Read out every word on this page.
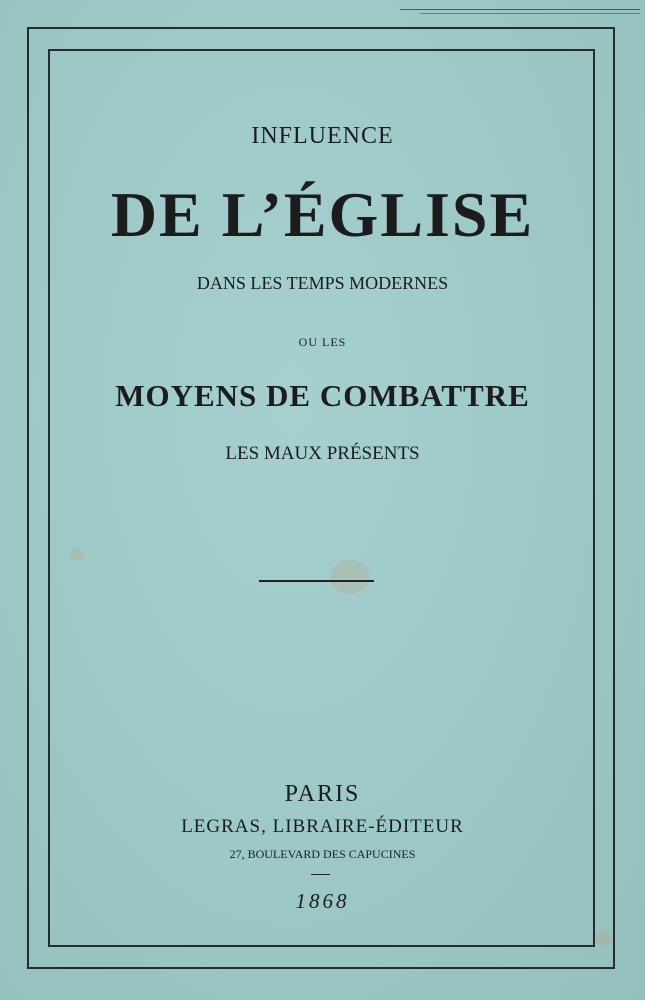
INFLUENCE
DE L’ÉGLISE
DANS LES TEMPS MODERNES
OU LES
MOYENS DE COMBATTRE
LES MAUX PRÉSENTS
PARIS
LEGRAS, LIBRAIRE-ÉDITEUR
27, BOULEVARD DES CAPUCINES
1868
